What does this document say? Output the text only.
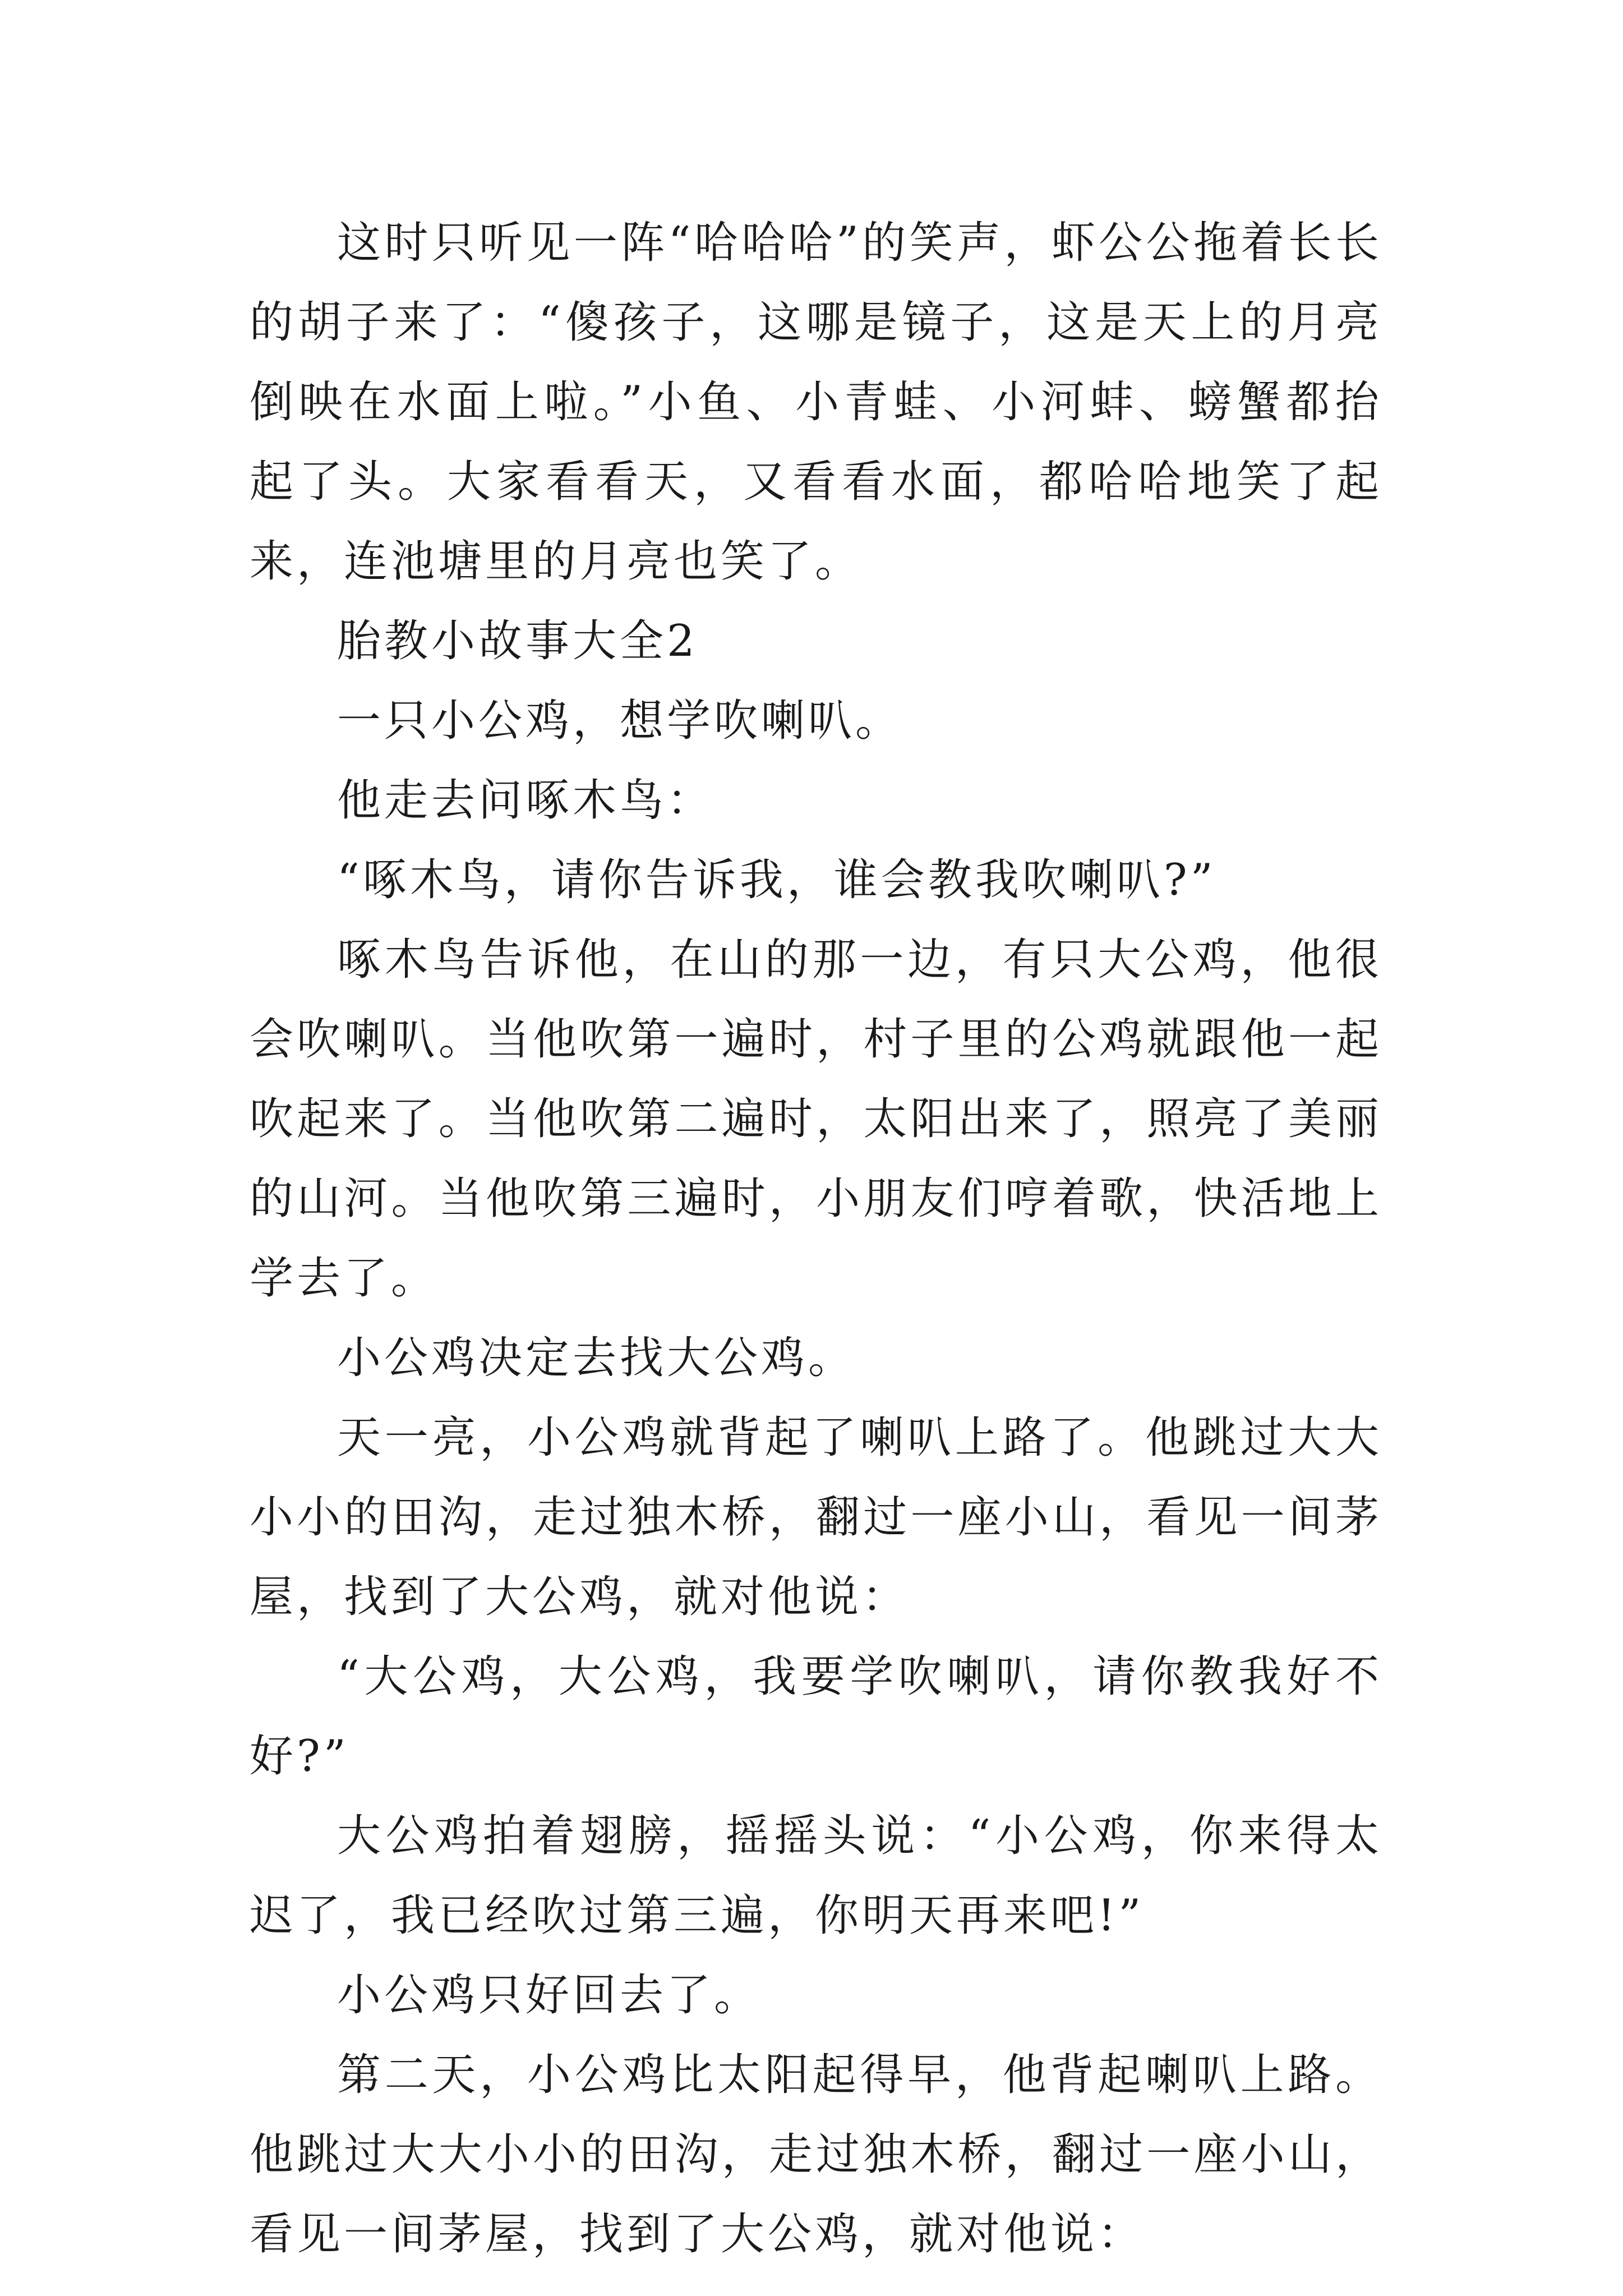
这时只听见一阵“哈哈哈”的笑声，虾公公拖着长长的胡子来了：“傻孩子，这哪是镜子，这是天上的月亮倒映在水面上啦。”小鱼、小青蛙、小河蚌、螃蟹都抬起了头。大家看看天，又看看水面，都哈哈地笑了起来，连池塘里的月亮也笑了。

胎教小故事大全2

一只小公鸡，想学吹喇叭。

他走去问啄木鸟：

“啄木鸟，请你告诉我，谁会教我吹喇叭?”

啄木鸟告诉他，在山的那一边，有只大公鸡，他很会吹喇叭。当他吹第一遍时，村子里的公鸡就跟他一起吹起来了。当他吹第二遍时，太阳出来了，照亮了美丽的山河。当他吹第三遍时，小朋友们哼着歌，快活地上学去了。

小公鸡决定去找大公鸡。

天一亮，小公鸡就背起了喇叭上路了。他跳过大大小小的田沟，走过独木桥，翻过一座小山，看见一间茅屋，找到了大公鸡，就对他说：

“大公鸡，大公鸡，我要学吹喇叭，请你教我好不好?”

大公鸡拍着翅膀，摇摇头说：“小公鸡，你来得太迟了，我已经吹过第三遍，你明天再来吧!”

小公鸡只好回去了。

第二天，小公鸡比太阳起得早，他背起喇叭上路。他跳过大大小小的田沟，走过独木桥，翻过一座小山，看见一间茅屋，找到了大公鸡，就对他说：
